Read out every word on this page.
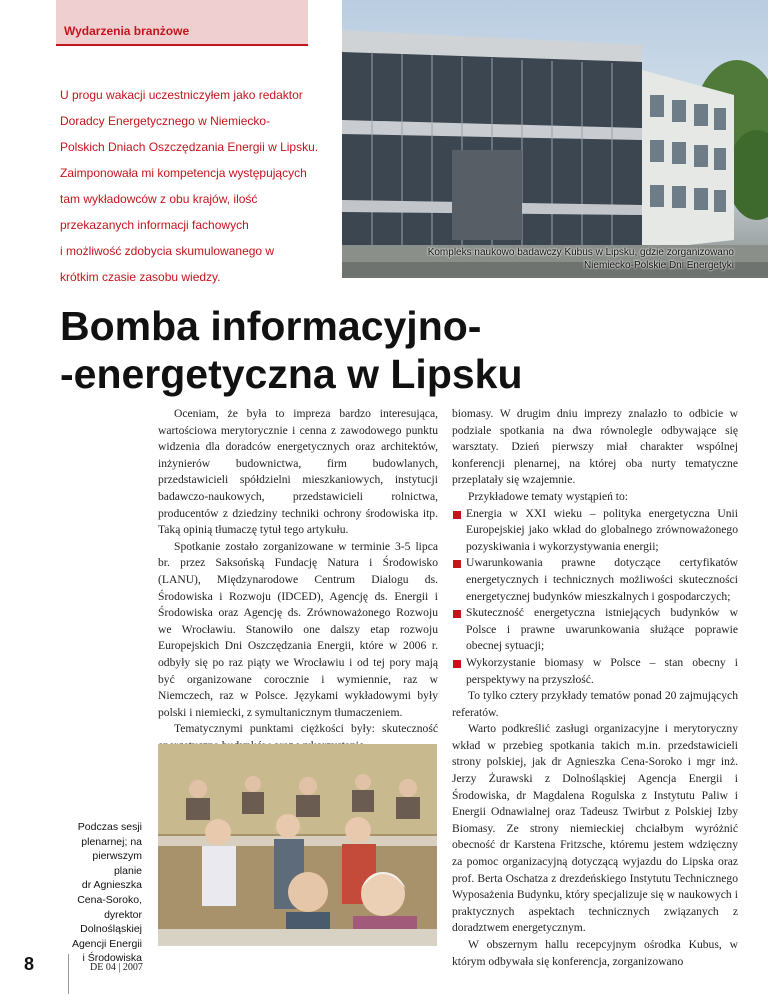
Wydarzenia branżowe
U progu wakacji uczestniczyłem jako redaktor
Doradcy Energetycznego w Niemiecko-
Polskich Dniach Oszczędzania Energii w Lipsku.
Zaimponowała mi kompetencja występujących
tam wykładowców z obu krajów, ilość
przekazanych informacji fachowych
i możliwość zdobycia skumulowanego w
krótkim czasie zasobu wiedzy.
Kompleks naukowo badawczy Kubus w Lipsku, gdzie zorganizowano
Niemiecko-Polskie Dni Energetyki
Bomba informacyjno-
-energetyczna w Lipsku

Oceniam, że była to impreza bardzo interesująca, wartościowa merytorycznie i cenna z zawodowego punktu widzenia dla doradców energetycznych oraz architektów, inżynierów budownictwa, firm budowlanych, przedstawicieli spółdzielni mieszkaniowych, instytucji badawczo-naukowych, przedstawicieli rolnictwa, producentów z dziedziny techniki ochrony środowiska itp. Taką opinią tłumaczę tytuł tego artykułu.

Spotkanie zostało zorganizowane w terminie 3-5 lipca br. przez Saksońską Fundację Natura i Środowisko (LANU), Międzynarodowe Centrum Dialogu ds. Środowiska i Rozwoju (IDCED), Agencję ds. Energii i Środowiska oraz Agencję ds. Zrównoważonego Rozwoju we Wrocławiu. Stanowiło one dalszy etap rozwoju Europejskich Dni Oszczędzania Energii, które w 2006 r. odbyły się po raz piąty we Wrocławiu i od tej pory mają być organizowane corocznie i wymiennie, raz w Niemczech, raz w Polsce. Językami wykładowymi były polski i niemiecki, z symultanicznym tłumaczeniem.

Tematycznymi punktami ciężkości były: skuteczność

biomasy. W drugim dniu imprezy znalazło to odbicie w podziale spotkania na dwa równolegle odbywające się warsztaty. Dzień pierwszy miał charakter wspólnej konferencji plenarnej, na której oba nurty tematyczne przeplatały się wzajemnie.

Przykładowe tematy wystąpień to:

Energia w XXI wieku – polityka energetyczna Unii Europejskiej jako wkład do globalnego zrównoważonego pozyskiwania i wykorzystywania energii;
Uwarunkowania prawne dotyczące certyfikatów energetycznych i technicznych możliwości skuteczności energetycznej budynków mieszkalnych i gospodarczych;
Skuteczność energetyczna istniejących budynków w Polsce i prawne uwarunkowania służące poprawie obecnej sytuacji;
Wykorzystanie biomasy w Polsce – stan obecny i perspektywy na przyszłość.

To tylko cztery przykłady tematów ponad 20 zajmujących referatów.

Warto podkreślić zasługi organizacyjne i merytoryczny wkład w przebieg spotkania takich m.in. przedstawicieli strony polskiej, jak dr Agnieszka Cena-Soroko i mgr inż. Jerzy Żurawski z Dolnośląskiej Agencja Energii i Środowiska, dr Magdalena Rogulska z Instytutu Paliw i Energii Odnawialnej oraz Tadeusz Twirbut z Polskiej Izby Biomasy. Ze strony niemieckiej chciałbym wyróżnić obecność dr Karstena Fritzsche, któremu jestem wdzięczny za pomoc organizacyjną dotyczącą wyjazdu do Lipska oraz prof. Berta Oschatza z drezdeńskiego Instytutu Technicznego Wyposażenia Budynku, który specjalizuje się w naukowych i praktycznych aspektach technicznych związanych z doradztwem energetycznym.

W obszernym hallu recepcyjnym ośrodka Kubus, w którym odbywała się konferencja, zorganizowano

Podczas sesji
plenarnej; na
pierwszym
planie
dr Agnieszka
Cena-Soroko,
dyrektor
Dolnośląskiej
Agencji Energii
i Środowiska
8	DE 04 | 2007
